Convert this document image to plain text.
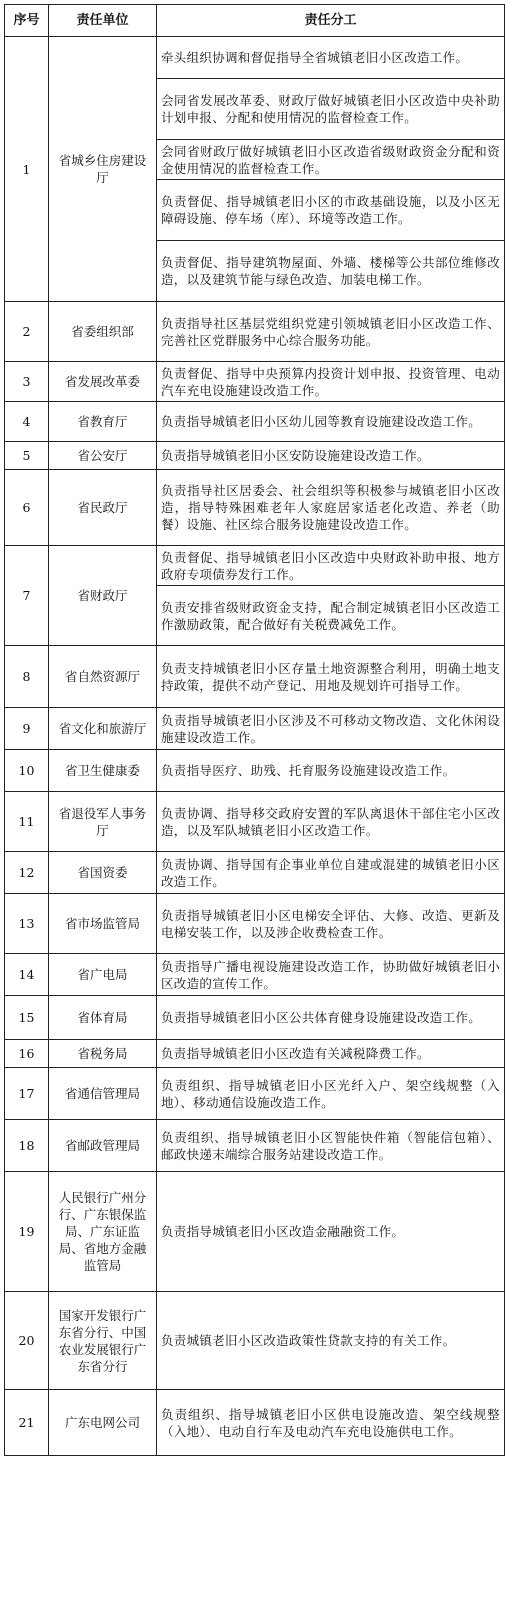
序号	责任单位	责任分工
1	省城乡住房建设厅	牵头组织协调和督促指导全省城镇老旧小区改造工作。
		会同省发展改革委、财政厅做好城镇老旧小区改造中央补助计划申报、分配和使用情况的监督检查工作。
		会同省财政厅做好城镇老旧小区改造省级财政资金分配和资金使用情况的监督检查工作。
		负责督促、指导城镇老旧小区的市政基础设施，以及小区无障碍设施、停车场（库）、环境等改造工作。
		负责督促、指导建筑物屋面、外墙、楼梯等公共部位维修改造，以及建筑节能与绿色改造、加装电梯工作。
2	省委组织部	负责指导社区基层党组织党建引领城镇老旧小区改造工作、完善社区党群服务中心综合服务功能。
3	省发展改革委	负责督促、指导中央预算内投资计划申报、投资管理、电动汽车充电设施建设改造工作。
4	省教育厅	负责指导城镇老旧小区幼儿园等教育设施建设改造工作。
5	省公安厅	负责指导城镇老旧小区安防设施建设改造工作。
6	省民政厅	负责指导社区居委会、社会组织等积极参与城镇老旧小区改造，指导特殊困难老年人家庭居家适老化改造、养老（助餐）设施、社区综合服务设施建设改造工作。
7	省财政厅	负责督促、指导城镇老旧小区改造中央财政补助申报、地方政府专项债券发行工作。
		负责安排省级财政资金支持，配合制定城镇老旧小区改造工作激励政策，配合做好有关税费减免工作。
8	省自然资源厅	负责支持城镇老旧小区存量土地资源整合利用，明确土地支持政策，提供不动产登记、用地及规划许可指导工作。
9	省文化和旅游厅	负责指导城镇老旧小区涉及不可移动文物改造、文化休闲设施建设改造工作。
10	省卫生健康委	负责指导医疗、助残、托育服务设施建设改造工作。
11	省退役军人事务厅	负责协调、指导移交政府安置的军队离退休干部住宅小区改造，以及军队城镇老旧小区改造工作。
12	省国资委	负责协调、指导国有企事业单位自建或混建的城镇老旧小区改造工作。
13	省市场监管局	负责指导城镇老旧小区电梯安全评估、大修、改造、更新及电梯安装工作，以及涉企收费检查工作。
14	省广电局	负责指导广播电视设施建设改造工作，协助做好城镇老旧小区改造的宣传工作。
15	省体育局	负责指导城镇老旧小区公共体育健身设施建设改造工作。
16	省税务局	负责指导城镇老旧小区改造有关减税降费工作。
17	省通信管理局	负责组织、指导城镇老旧小区光纤入户、架空线规整（入地）、移动通信设施改造工作。
18	省邮政管理局	负责组织、指导城镇老旧小区智能快件箱（智能信包箱）、邮政快递末端综合服务站建设改造工作。
19	人民银行广州分行、广东银保监局、广东证监局、省地方金融监管局	负责指导城镇老旧小区改造金融融资工作。
20	国家开发银行广东省分行、中国农业发展银行广东省分行	负责城镇老旧小区改造政策性贷款支持的有关工作。
21	广东电网公司	负责组织、指导城镇老旧小区供电设施改造、架空线规整（入地）、电动自行车及电动汽车充电设施供电工作。
